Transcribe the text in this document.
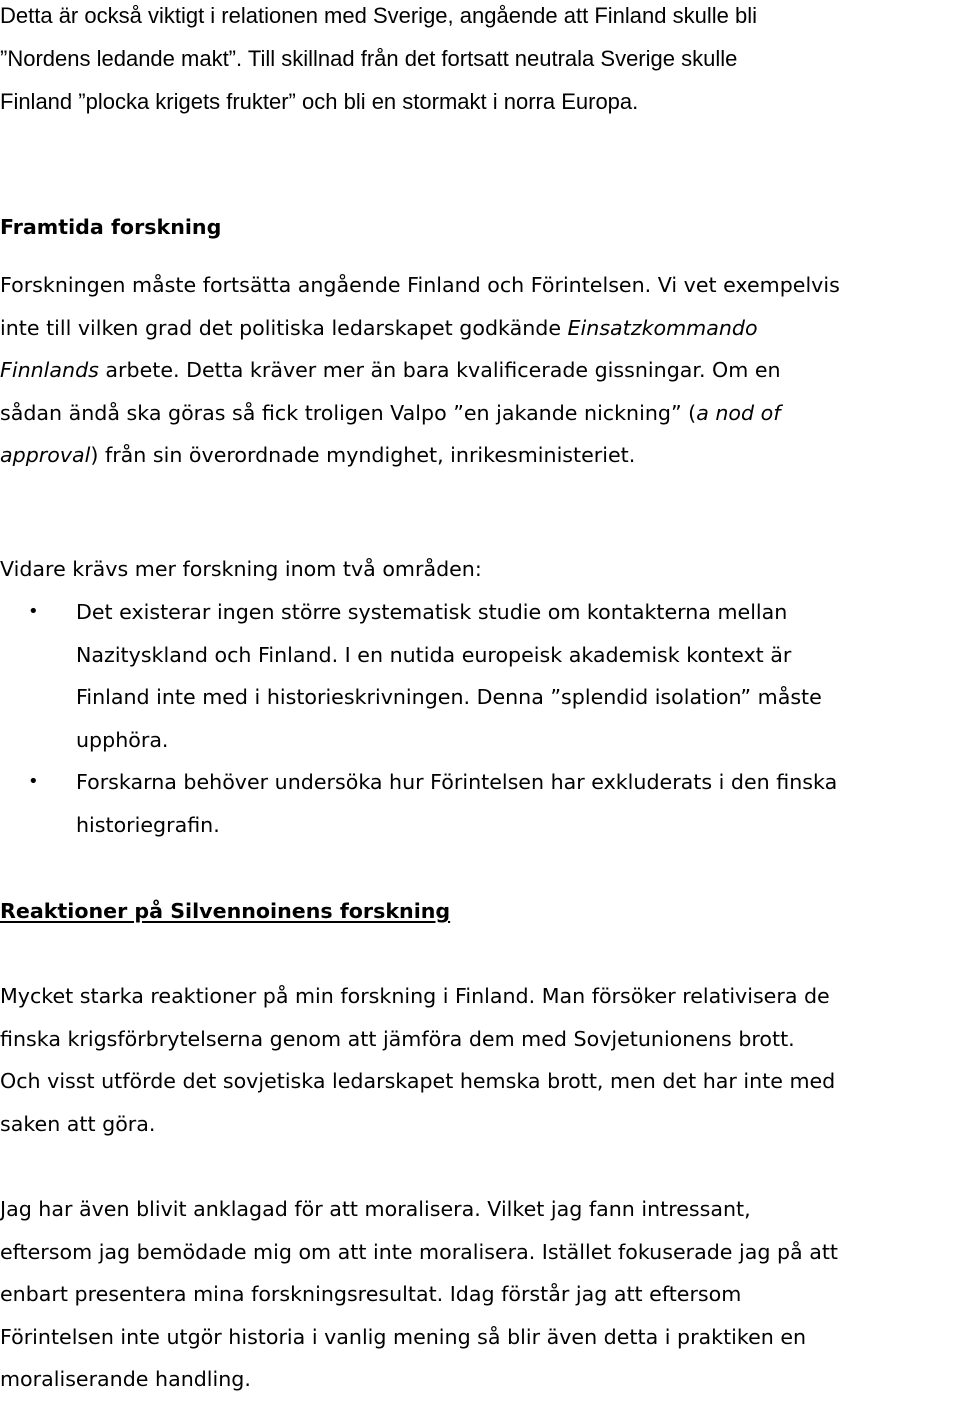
Detta är också viktigt i relationen med Sverige, angående att Finland skulle bli
”Nordens ledande makt”. Till skillnad från det fortsatt neutrala Sverige skulle
Finland ”plocka krigets frukter” och bli en stormakt i norra Europa.
Framtida forskning
Forskningen måste fortsätta angående Finland och Förintelsen. Vi vet exempelvis
inte till vilken grad det politiska ledarskapet godkände Einsatzkommando
Finnlands arbete. Detta kräver mer än bara kvalificerade gissningar. Om en
sådan ändå ska göras så fick troligen Valpo ”en jakande nickning” (a nod of
approval) från sin överordnade myndighet, inrikesministeriet.
Vidare krävs mer forskning inom två områden:
• Det existerar ingen större systematisk studie om kontakterna mellan
Nazityskland och Finland. I en nutida europeisk akademisk kontext är
Finland inte med i historieskrivningen. Denna ”splendid isolation” måste
upphöra.
• Forskarna behöver undersöka hur Förintelsen har exkluderats i den finska
historiegrafin.
Reaktioner på Silvennoinens forskning
Mycket starka reaktioner på min forskning i Finland. Man försöker relativisera de
finska krigsförbrytelserna genom att jämföra dem med Sovjetunionens brott.
Och visst utförde det sovjetiska ledarskapet hemska brott, men det har inte med
saken att göra.
Jag har även blivit anklagad för att moralisera. Vilket jag fann intressant,
eftersom jag bemödade mig om att inte moralisera. Istället fokuserade jag på att
enbart presentera mina forskningsresultat. Idag förstår jag att eftersom
Förintelsen inte utgör historia i vanlig mening så blir även detta i praktiken en
moraliserande handling.
